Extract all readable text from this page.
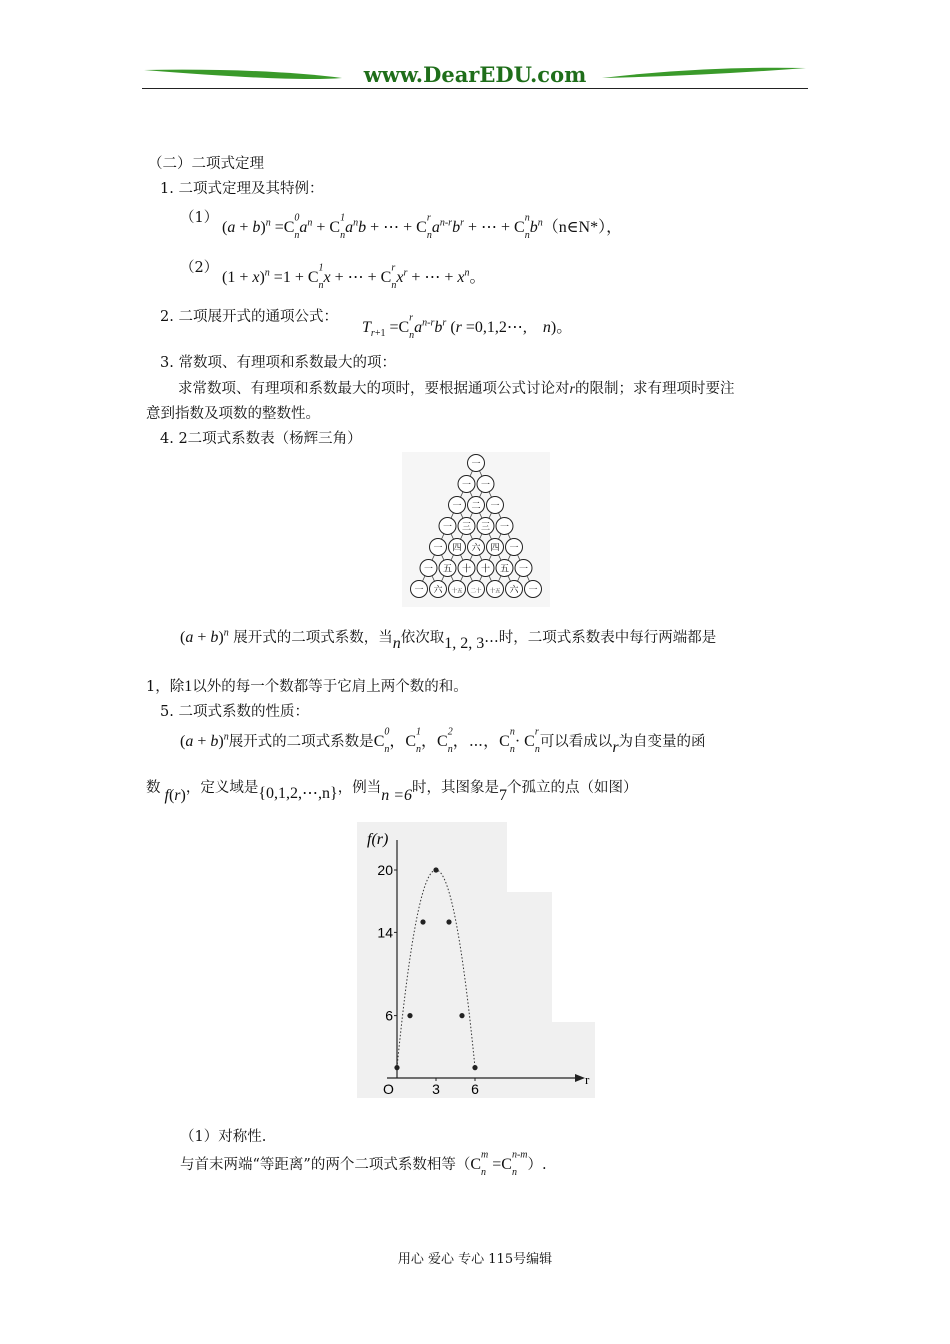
www.DearEDU.com
（二）二项式定理
1. 二项式定理及其特例：
（1）
$(a + b)^n =C^0$
$_na^n + C^1$
$_na^nb$ + ⋯ + $C^r$
$_na^{n-r}b^r$ + ⋯ + $C^n$
$_nb^n(n\in N*)$，
（2）
$(1 + x)^n =1 + C^1$
$_n$x + ⋯ + $C^r$
$_nx^r$ + ⋯ + $x^n$。
2. 二项展开式的通项公式：
$T_{r+1} =C^r$
$_na^{n-r}b^r$ (r =0,1,2⋯,　n)。
3. 常数项、有理项和系数最大的项：
求常数项、有理项和系数最大的项时，要根据通项公式讨论对r的限制；求有理项时要注
意到指数及项数的整数性。
4. 2二项式系数表（杨辉三角）
一
一 一
一 二 一
一 三 三 一
一 四 六 四 一
一 五 十 十 五 一
一 六 十五 二十 十五 六 一
$(a + b)^n$ 展开式的二项式系数，当n依次取1, 2, 3…时，二项式系数表中每行两端都是
1，除1以外的每一个数都等于它肩上两个数的和。
5. 二项式系数的性质：
$(a + b)^n$展开式的二项式系数是$C^0$
$_n$，$C^1$
$_n$，$C^2$
$_n$，⋯，$C^n$
$_n\cdot C^r$
$_n$可以看成以r为自变量的函
数 f(r)，定义域是{0,1,2,⋯,n}，例当n =6时，其图象是7个孤立的点（如图）
f(r)
r
6
14
20
O	3 6
（1）对称性.
与首末两端“等距离”的两个二项式系数相等（$C^m$
$_n =C^{n-m}$
$_n$ ）.
用心 爱心 专心 115号编辑
